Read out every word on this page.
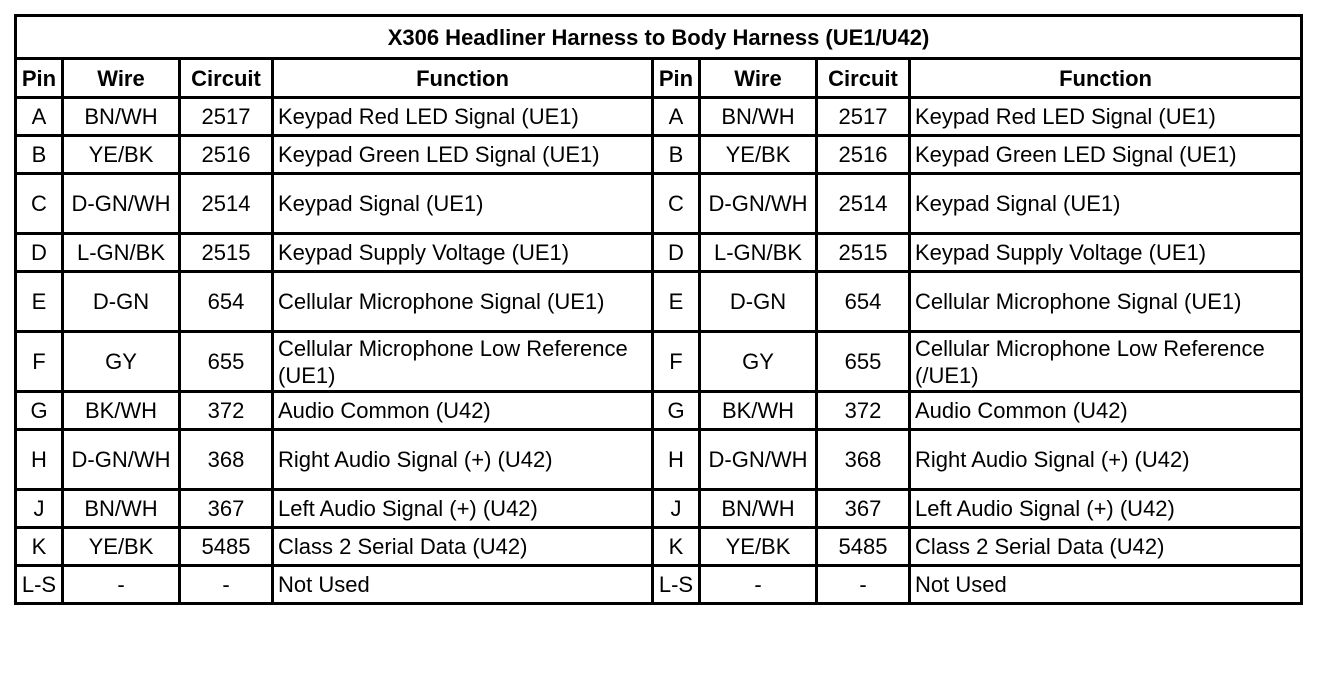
X306 Headliner Harness to Body Harness (UE1/U42)							
Pin	Wire	Circuit	Function	Pin	Wire	Circuit	Function
A	BN/WH	2517	Keypad Red LED Signal (UE1)	A	BN/WH	2517	Keypad Red LED Signal (UE1)
B	YE/BK	2516	Keypad Green LED Signal (UE1)	B	YE/BK	2516	Keypad Green LED Signal (UE1)
C	D-GN/WH	2514	Keypad Signal (UE1)	C	D-GN/WH	2514	Keypad Signal (UE1)
D	L-GN/BK	2515	Keypad Supply Voltage (UE1)	D	L-GN/BK	2515	Keypad Supply Voltage (UE1)
E	D-GN	654	Cellular Microphone Signal (UE1)	E	D-GN	654	Cellular Microphone Signal (UE1)
F	GY	655	Cellular Microphone Low Reference (UE1)	F	GY	655	Cellular Microphone Low Reference (/UE1)
G	BK/WH	372	Audio Common (U42)	G	BK/WH	372	Audio Common (U42)
H	D-GN/WH	368	Right Audio Signal (+) (U42)	H	D-GN/WH	368	Right Audio Signal (+) (U42)
J	BN/WH	367	Left Audio Signal (+) (U42)	J	BN/WH	367	Left Audio Signal (+) (U42)
K	YE/BK	5485	Class 2 Serial Data (U42)	K	YE/BK	5485	Class 2 Serial Data (U42)
L-S	-	-	Not Used	L-S	-	-	Not Used
